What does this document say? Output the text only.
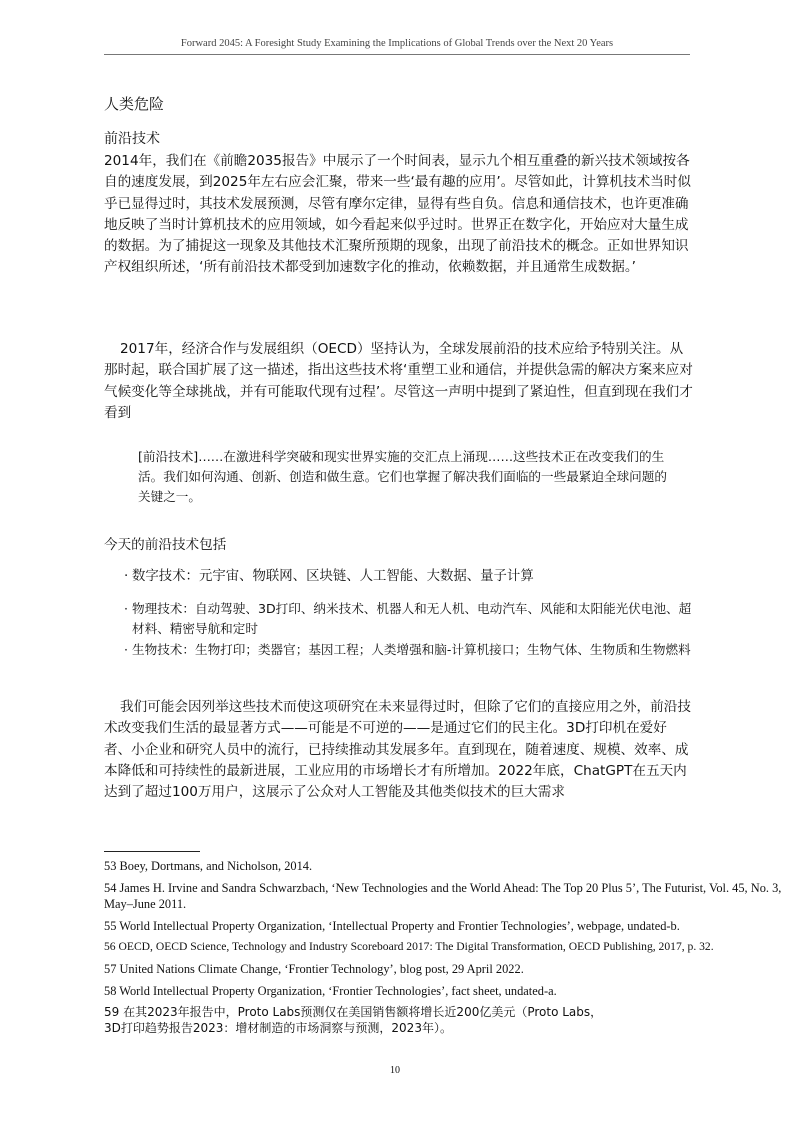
Forward 2045: A Foresight Study Examining the Implications of Global Trends over the Next 20 Years
人类危险
前沿技术

2014年，我们在《前瞻2035报告》中展示了一个时间表，显示九个相互重叠的新兴技术领域按各自的速度发展，到2025年左右应会汇聚，带来一些‘最有趣的应用’。尽管如此，计算机技术当时似乎已显得过时，其技术发展预测，尽管有摩尔定律，显得有些自负。信息和通信技术，也许更准确地反映了当时计算机技术的应用领域，如今看起来似乎过时。世界正在数字化，开始应对大量生成的数据。为了捕捉这一现象及其他技术汇聚所预期的现象，出现了前沿技术的概念。正如世界知识产权组织所述，‘所有前沿技术都受到加速数字化的推动，依赖数据，并且通常生成数据。’

2017年，经济合作与发展组织（OECD）坚持认为，全球发展前沿的技术应给予特别关注。从那时起，联合国扩展了这一描述，指出这些技术将‘重塑工业和通信，并提供急需的解决方案来应对气候变化等全球挑战，并有可能取代现有过程’。尽管这一声明中提到了紧迫性，但直到现在我们才看到

[前沿技术]……在激进科学突破和现实世界实施的交汇点上涌现……这些技术正在改变我们的生活。我们如何沟通、创新、创造和做生意。它们也掌握了解决我们面临的一些最紧迫全球问题的关键之一。

今天的前沿技术包括
· 数字技术：元宇宙、物联网、区块链、人工智能、大数据、量子计算
· 物理技术：自动驾驶、3D打印、纳米技术、机器人和无人机、电动汽车、风能和太阳能光伏电池、超材料、精密导航和定时
· 生物技术：生物打印；类器官；基因工程；人类增强和脑-计算机接口；生物气体、生物质和生物燃料

我们可能会因列举这些技术而使这项研究在未来显得过时，但除了它们的直接应用之外，前沿技术改变我们生活的最显著方式——可能是不可逆的——是通过它们的民主化。3D打印机在爱好者、小企业和研究人员中的流行，已持续推动其发展多年。直到现在，随着速度、规模、效率、成本降低和可持续性的最新进展，工业应用的市场增长才有所增加。2022年底，ChatGPT在五天内达到了超过100万用户，这展示了公众对人工智能及其他类似技术的巨大需求

53 Boey, Dortmans, and Nicholson, 2014.
54 James H. Irvine and Sandra Schwarzbach, ‘New Technologies and the World Ahead: The Top 20 Plus 5’, The Futurist, Vol. 45, No. 3, May–June 2011.
55 World Intellectual Property Organization, ‘Intellectual Property and Frontier Technologies’, webpage, undated-b.
56 OECD, OECD Science, Technology and Industry Scoreboard 2017: The Digital Transformation, OECD Publishing, 2017, p. 32.
57 United Nations Climate Change, ‘Frontier Technology’, blog post, 29 April 2022.
58 World Intellectual Property Organization, ‘Frontier Technologies’, fact sheet, undated-a.
59 在其2023年报告中，Proto Labs预测仅在美国销售额将增长近200亿美元（Proto Labs，3D打印趋势报告2023：增材制造的市场洞察与预测，2023年）。
10
